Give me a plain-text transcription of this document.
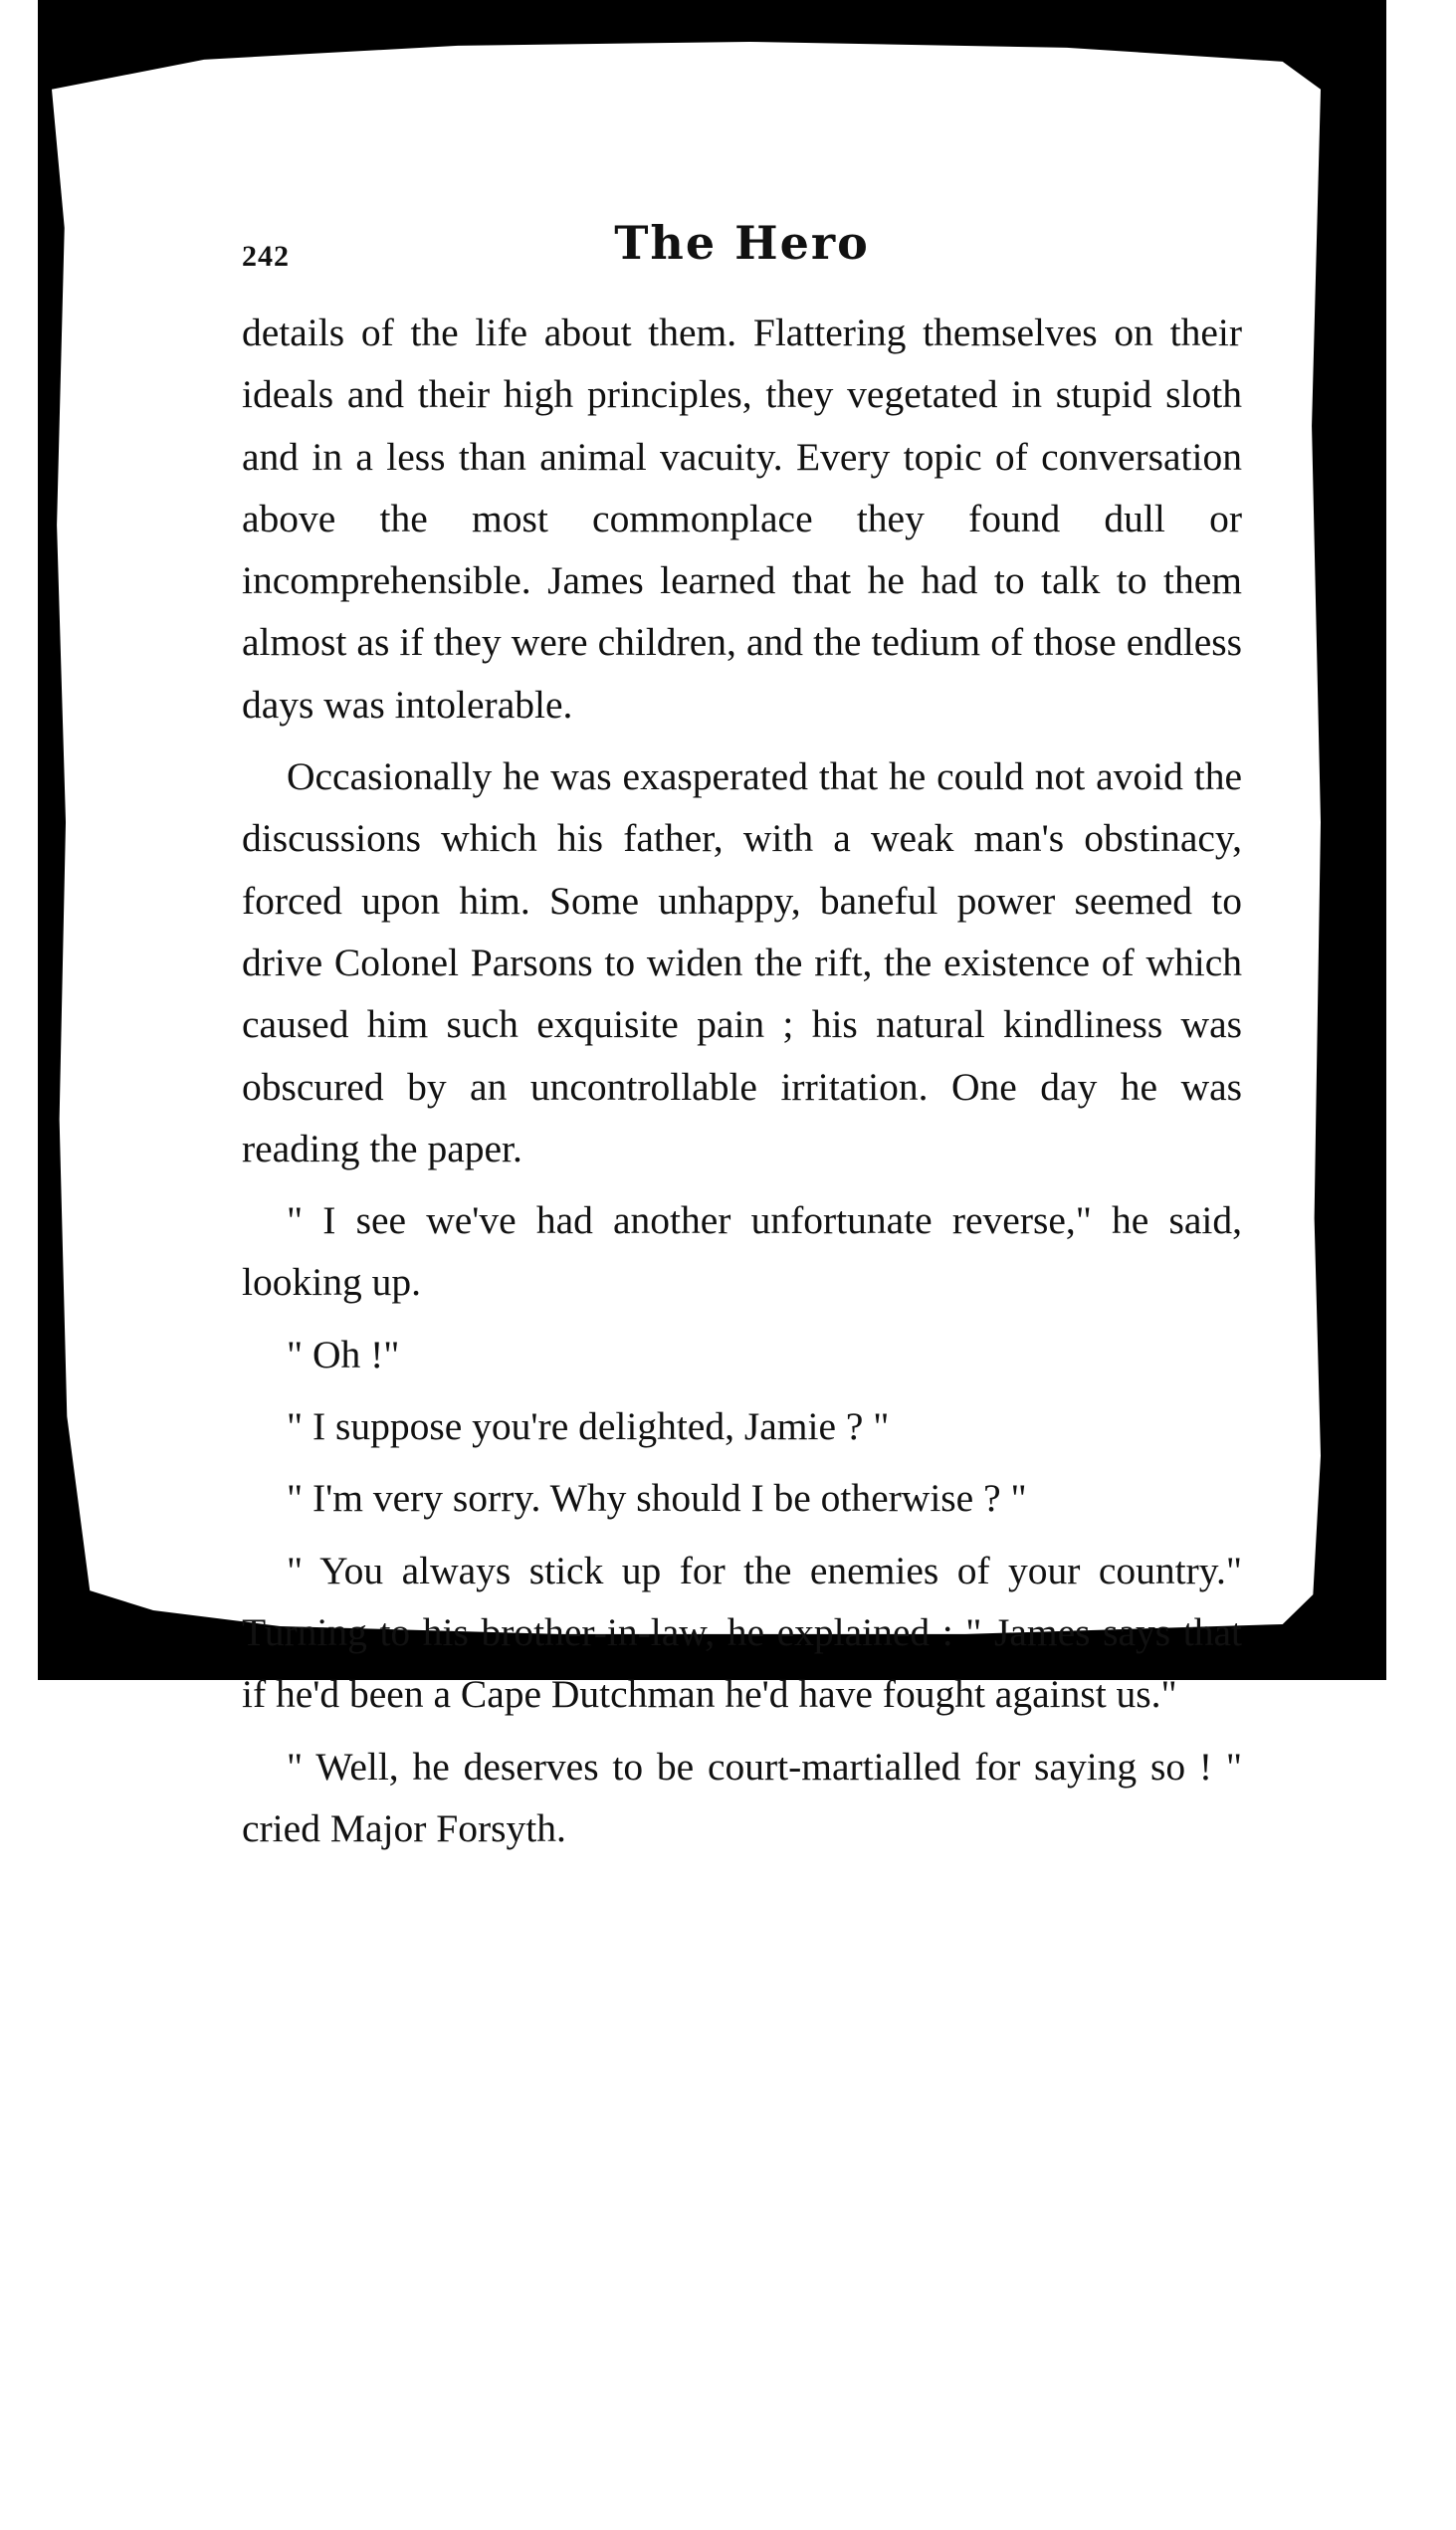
242	The Hero

details of the life about them. Flattering themselves on their ideals and their high principles, they vegetated in stupid sloth and in a less than animal vacuity. Every topic of conversation above the most commonplace they found dull or incomprehensible. James learned that he had to talk to them almost as if they were children, and the tedium of those endless days was intolerable.

Occasionally he was exasperated that he could not avoid the discussions which his father, with a weak man's obstinacy, forced upon him. Some unhappy, baneful power seemed to drive Colonel Parsons to widen the rift, the existence of which caused him such exquisite pain ; his natural kindliness was obscured by an uncontrollable irritation. One day he was reading the paper.

" I see we've had another unfortunate reverse," he said, looking up.

" Oh !"

" I suppose you're delighted, Jamie ? "

" I'm very sorry. Why should I be otherwise ? "

" You always stick up for the enemies of your country." Turning to his brother-in-law, he explained : " James says that if he'd been a Cape Dutchman he'd have fought against us."

" Well, he deserves to be court-martialled for saying so ! " cried Major Forsyth.
